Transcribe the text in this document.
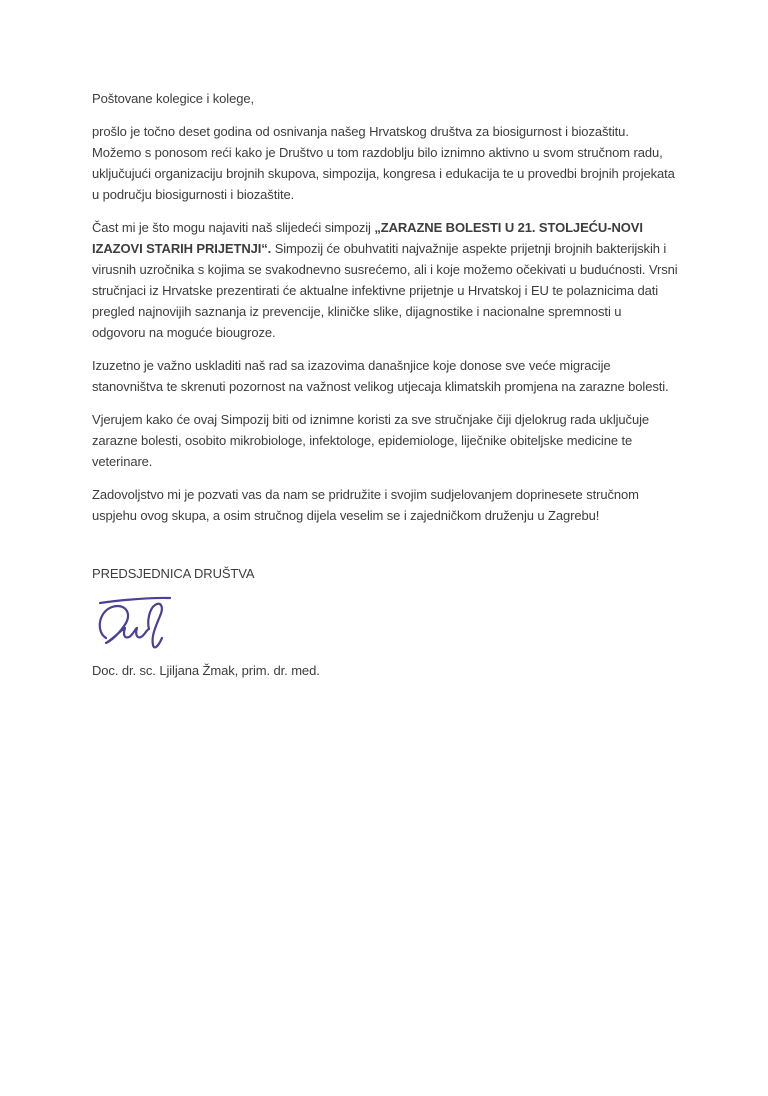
Poštovane kolegice i kolege,

prošlo je točno deset godina od osnivanja našeg Hrvatskog društva za biosigurnost i biozaštitu. Možemo s ponosom reći kako je Društvo u tom razdoblju bilo iznimno aktivno u svom stručnom radu, uključujući organizaciju brojnih skupova, simpozija, kongresa i edukacija te u provedbi brojnih projekata u području biosigurnosti i biozaštite.

Čast mi je što mogu najaviti naš slijedeći simpozij „ZARAZNE BOLESTI U 21. STOLJEĆU-NOVI IZAZOVI STARIH PRIJETNJI“. Simpozij će obuhvatiti najvažnije aspekte prijetnji brojnih bakterijskih i virusnih uzročnika s kojima se svakodnevno susrećemo, ali i koje možemo očekivati u budućnosti. Vrsni stručnjaci iz Hrvatske prezentirati će aktualne infektivne prijetnje u Hrvatskoj i EU te polaznicima dati pregled najnovijih saznanja iz prevencije, kliničke slike, dijagnostike i nacionalne spremnosti u odgovoru na moguće biougroze.

Izuzetno je važno uskladiti naš rad sa izazovima današnjice koje donose sve veće migracije stanovništva te skrenuti pozornost na važnost velikog utjecaja klimatskih promjena na zarazne bolesti.

Vjerujem kako će ovaj Simpozij biti od iznimne koristi za sve stručnjake čiji djelokrug rada uključuje zarazne bolesti, osobito mikrobiologe, infektologe, epidemiologe, liječnike obiteljske medicine te veterinare.

Zadovoljstvo mi je pozvati vas da nam se pridružite i svojim sudjelovanjem doprinesete stručnom uspjehu ovog skupa, a osim stručnog dijela veselim se i zajedničkom druženju u Zagrebu!

PREDSJEDNICA DRUŠTVA

Doc. dr. sc. Ljiljana Žmak, prim. dr. med.
